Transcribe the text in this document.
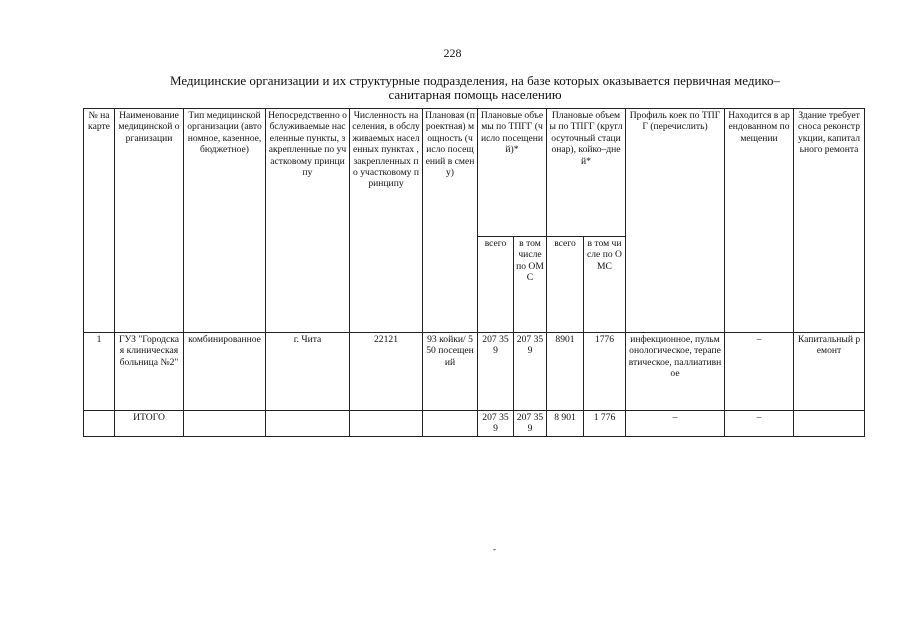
228
Медицинские организации и их структурные подразделения, на базе которых оказывается первичная медико–
санитарная помощь населению
№ на карте	Наименование медицинской организации	Тип медицинской организации (автономное, казенное, бюджетное)	Непосредственно обслуживаемые населенные пункты, закрепленные по участковому принципу	Численность населения, в обслуживаемых населенных пунктах , закрепленных по участковому принципу	Плановая (проектная) мощность (число посещений в смену)	Плановые объемы по ТПГГ (число посещений)*		Плановые объемы по ТПГГ (круглосуточный стационар), койко–дней*		Профиль коек по ТПГГ (перечислить)	Находится в арендованном помещении	Здание требует сноса реконструкции, капитального ремонта
						всего	в том числе по ОМС	всего	в том числе по ОМС			
1	ГУЗ "Городская клиническая больница №2"	комбинированное	г. Чита	22121	93 койки/ 550 посещений	207 359	207 359	8901	1776	инфекционное, пульмонологическое, терапевтическое, паллиативное	–	Капитальный ремонт
	ИТОГО					207 359	207 359	8 901	1 776	–	–	
-
